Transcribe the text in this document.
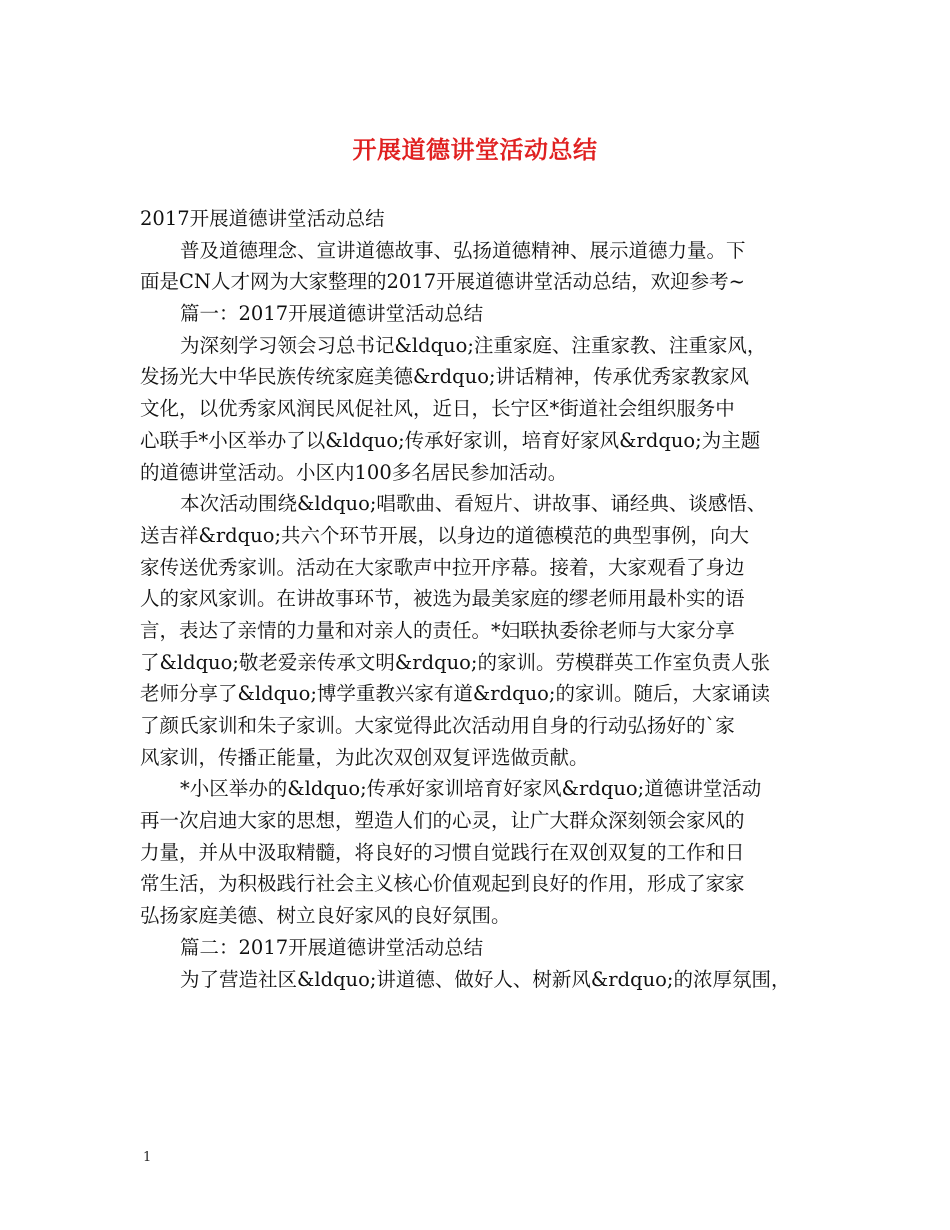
开展道德讲堂活动总结
2017开展道德讲堂活动总结
普及道德理念、宣讲道德故事、弘扬道德精神、展示道德力量。下
面是CN人才网为大家整理的2017开展道德讲堂活动总结，欢迎参考~
篇一：2017开展道德讲堂活动总结
为深刻学习领会习总书记&ldquo;注重家庭、注重家教、注重家风，
发扬光大中华民族传统家庭美德&rdquo;讲话精神，传承优秀家教家风
文化，以优秀家风润民风促社风，近日，长宁区*街道社会组织服务中
心联手*小区举办了以&ldquo;传承好家训，培育好家风&rdquo;为主题
的道德讲堂活动。小区内100多名居民参加活动。
本次活动围绕&ldquo;唱歌曲、看短片、讲故事、诵经典、谈感悟、
送吉祥&rdquo;共六个环节开展，以身边的道德模范的典型事例，向大
家传送优秀家训。活动在大家歌声中拉开序幕。接着，大家观看了身边
人的家风家训。在讲故事环节，被选为最美家庭的缪老师用最朴实的语
言，表达了亲情的力量和对亲人的责任。*妇联执委徐老师与大家分享
了&ldquo;敬老爱亲传承文明&rdquo;的家训。劳模群英工作室负责人张
老师分享了&ldquo;博学重教兴家有道&rdquo;的家训。随后，大家诵读
了颜氏家训和朱子家训。大家觉得此次活动用自身的行动弘扬好的`家
风家训，传播正能量，为此次双创双复评选做贡献。
*小区举办的&ldquo;传承好家训培育好家风&rdquo;道德讲堂活动
再一次启迪大家的思想，塑造人们的心灵，让广大群众深刻领会家风的
力量，并从中汲取精髓，将良好的习惯自觉践行在双创双复的工作和日
常生活，为积极践行社会主义核心价值观起到良好的作用，形成了家家
弘扬家庭美德、树立良好家风的良好氛围。
篇二：2017开展道德讲堂活动总结
为了营造社区&ldquo;讲道德、做好人、树新风&rdquo;的浓厚氛围，
1
